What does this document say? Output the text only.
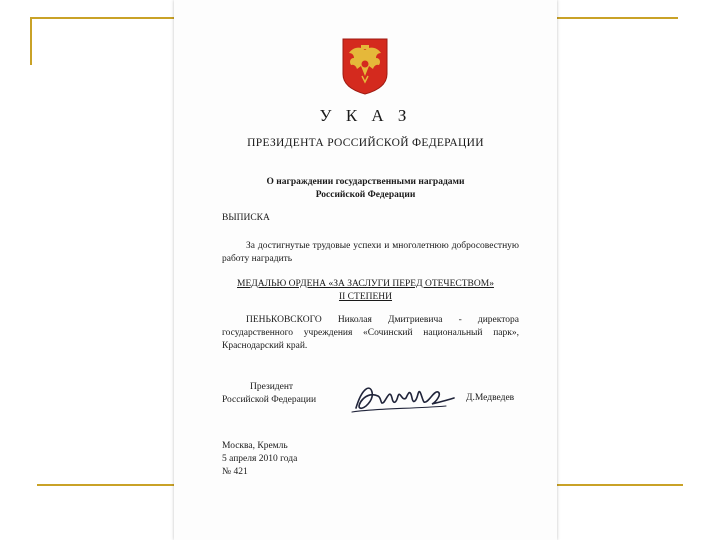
У К А З
ПРЕЗИДЕНТА РОССИЙСКОЙ ФЕДЕРАЦИИ
О награждении государственными наградами
Российской Федерации
ВЫПИСКА
За достигнутые трудовые успехи и многолетнюю добросовестную работу наградить
МЕДАЛЬЮ ОРДЕНА «ЗА ЗАСЛУГИ ПЕРЕД ОТЕЧЕСТВОМ»
II СТЕПЕНИ
ПЕНЬКОВСКОГО Николая Дмитриевича - директора государственного учреждения «Сочинский национальный парк», Краснодарский край.
Президент
Российской Федерации	Д.Медведев
Москва, Кремль
5 апреля 2010 года
№ 421
